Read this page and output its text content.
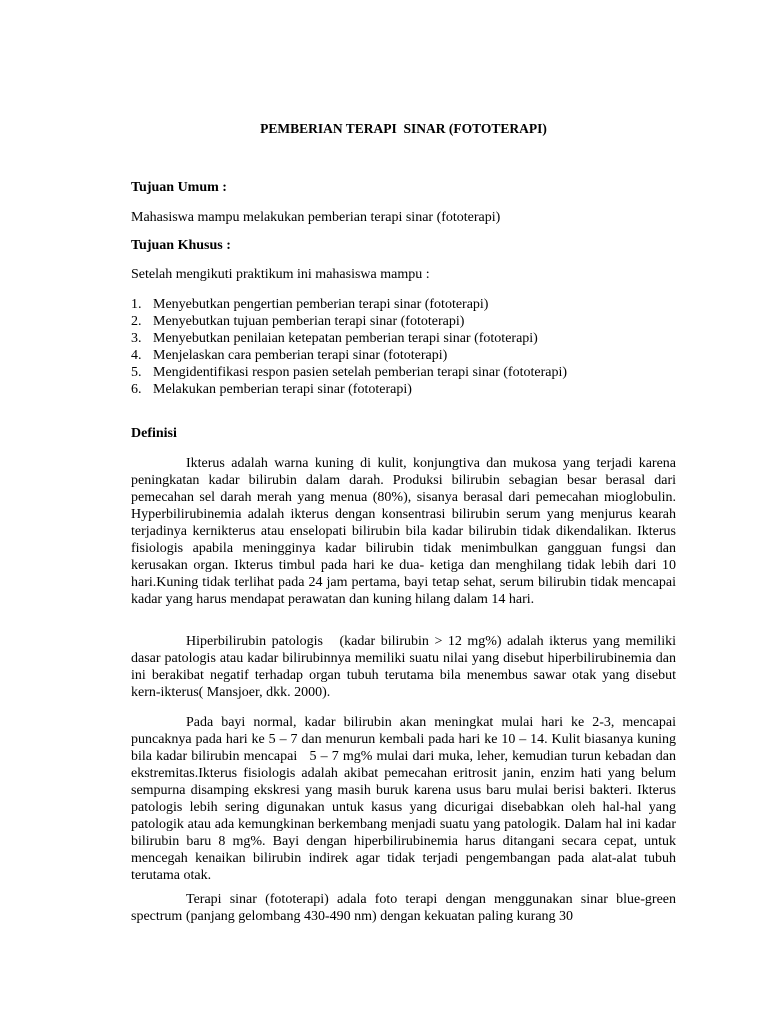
PEMBERIAN TERAPI  SINAR (FOTOTERAPI)
Tujuan Umum :
Mahasiswa mampu melakukan pemberian terapi sinar (fototerapi)
Tujuan Khusus :
Setelah mengikuti praktikum ini mahasiswa mampu :
1. Menyebutkan pengertian pemberian terapi sinar (fototerapi)
2. Menyebutkan tujuan pemberian terapi sinar (fototerapi)
3. Menyebutkan penilaian ketepatan pemberian terapi sinar (fototerapi)
4. Menjelaskan cara pemberian terapi sinar (fototerapi)
5. Mengidentifikasi respon pasien setelah pemberian terapi sinar (fototerapi)
6. Melakukan pemberian terapi sinar (fototerapi)
Definisi

Ikterus adalah warna kuning di kulit, konjungtiva dan mukosa yang terjadi karena peningkatan kadar bilirubin dalam darah. Produksi bilirubin sebagian besar berasal dari pemecahan sel darah merah yang menua (80%), sisanya berasal dari pemecahan mioglobulin. Hyperbilirubinemia adalah ikterus dengan konsentrasi bilirubin serum yang menjurus kearah terjadinya kernikterus atau enselopati bilirubin bila kadar bilirubin tidak dikendalikan. Ikterus fisiologis apabila meningginya kadar bilirubin tidak menimbulkan gangguan fungsi dan kerusakan organ. Ikterus timbul pada hari ke dua- ketiga dan menghilang tidak lebih dari 10 hari.Kuning tidak terlihat pada 24 jam pertama, bayi tetap sehat, serum bilirubin tidak mencapai kadar yang harus mendapat perawatan dan kuning hilang dalam 14 hari.

Hiperbilirubin patologis   (kadar bilirubin > 12 mg%) adalah ikterus yang memiliki dasar patologis atau kadar bilirubinnya memiliki suatu nilai yang disebut hiperbilirubinemia dan ini berakibat negatif terhadap organ tubuh terutama bila menembus sawar otak yang disebut kern-ikterus( Mansjoer, dkk. 2000).

Pada bayi normal, kadar bilirubin akan meningkat mulai hari ke 2-3, mencapai puncaknya pada hari ke 5 – 7 dan menurun kembali pada hari ke 10 – 14. Kulit biasanya kuning bila kadar bilirubin mencapai   5 – 7 mg% mulai dari muka, leher, kemudian turun kebadan dan ekstremitas.Ikterus fisiologis adalah akibat pemecahan eritrosit janin, enzim hati yang belum sempurna disamping ekskresi yang masih buruk karena usus baru mulai berisi bakteri. Ikterus patologis lebih sering digunakan untuk kasus yang dicurigai disebabkan oleh hal-hal yang patologik atau ada kemungkinan berkembang menjadi suatu yang patologik. Dalam hal ini kadar bilirubin baru 8 mg%. Bayi dengan hiperbilirubinemia harus ditangani secara cepat, untuk mencegah kenaikan bilirubin indirek agar tidak terjadi pengembangan pada alat-alat tubuh terutama otak.

Terapi sinar (fototerapi) adala foto terapi dengan menggunakan sinar blue-green spectrum (panjang gelombang 430-490 nm) dengan kekuatan paling kurang 30
